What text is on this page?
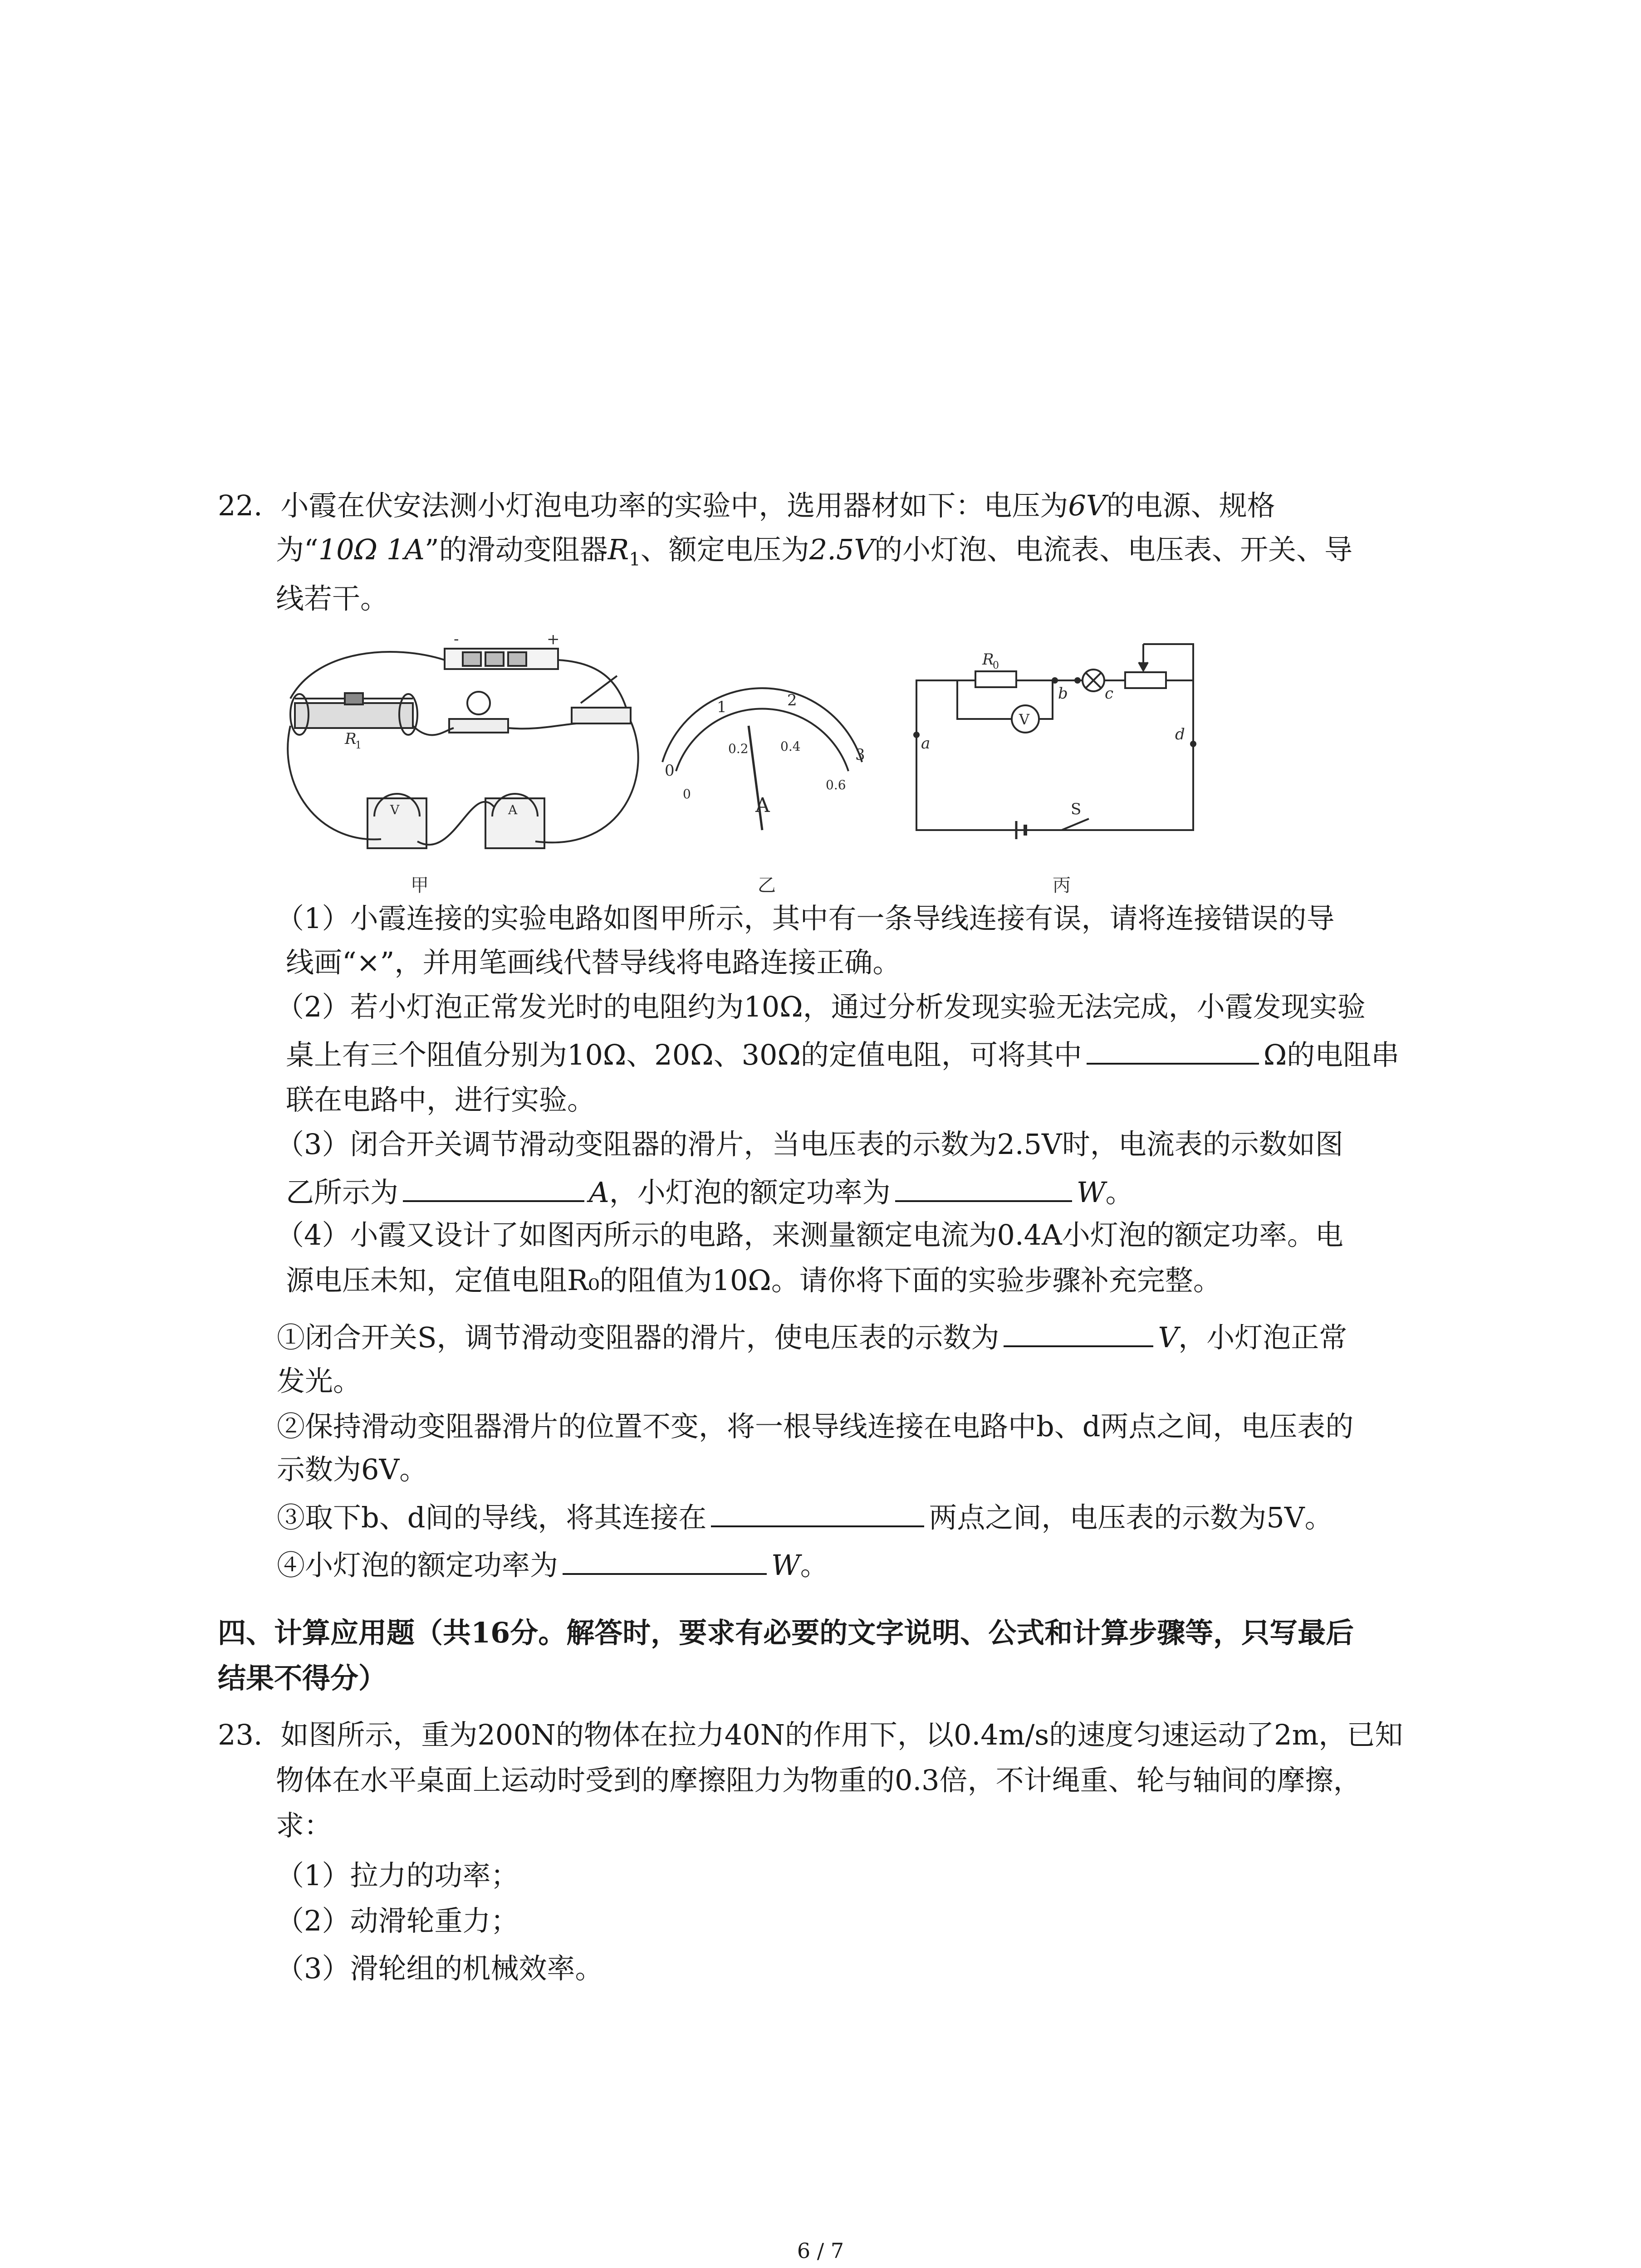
22. 小霞在伏安法测小灯泡电功率的实验中，选用器材如下：电压为6V的电源、规格
为“10Ω 1A”的滑动变阻器$R_1$、额定电压为2.5V的小灯泡、电流表、电压表、开关、导
线若干。
-	+
R
1
V	A
甲
0
1	2
3
0
0.2	0.4
0.6
A
乙
R
0
V
a
b c
d
S
丙
（1）小霞连接的实验电路如图甲所示，其中有一条导线连接有误，请将连接错误的导
线画“×”，并用笔画线代替导线将电路连接正确。
（2）若小灯泡正常发光时的电阻约为10Ω，通过分析发现实验无法完成，小霞发现实验
桌上有三个阻值分别为10Ω、20Ω、30Ω的定值电阻，可将其中	Ω的电阻串
联在电路中，进行实验。
（3）闭合开关调节滑动变阻器的滑片，当电压表的示数为2.5V时，电流表的示数如图
乙所示为	A，小灯泡的额定功率为	W。
（4）小霞又设计了如图丙所示的电路，来测量额定电流为0.4A小灯泡的额定功率。电
源电压未知，定值电阻R₀的阻值为10Ω。请你将下面的实验步骤补充完整。
①闭合开关S，调节滑动变阻器的滑片，使电压表的示数为	V，小灯泡正常
发光。
②保持滑动变阻器滑片的位置不变，将一根导线连接在电路中b、d两点之间，电压表的
示数为6V。
③取下b、d间的导线，将其连接在	两点之间，电压表的示数为5V。
④小灯泡的额定功率为	W。
四、计算应用题（共16分。解答时，要求有必要的文字说明、公式和计算步骤等，只写最后
结果不得分）
23. 如图所示，重为200N的物体在拉力40N的作用下，以0.4m/s的速度匀速运动了2m，已知
物体在水平桌面上运动时受到的摩擦阻力为物重的0.3倍，不计绳重、轮与轴间的摩擦，
求：
（1）拉力的功率；
（2）动滑轮重力；
（3）滑轮组的机械效率。
6 / 7
